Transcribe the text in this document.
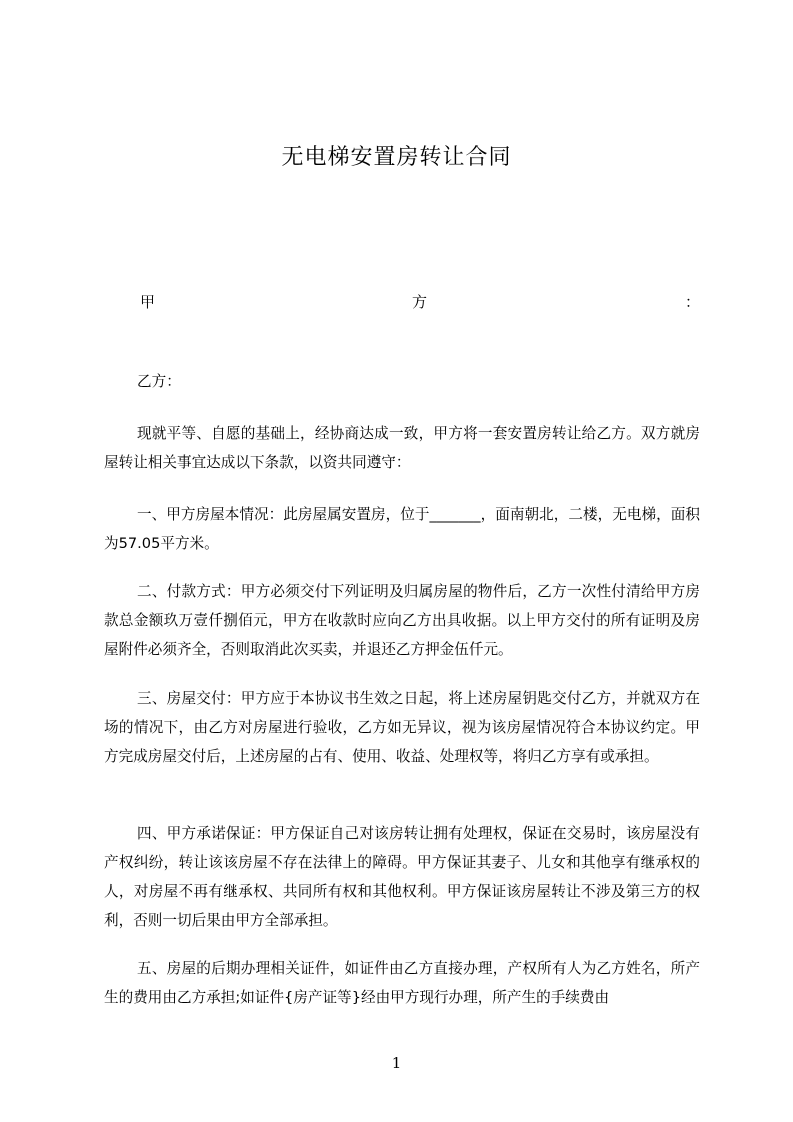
无电梯安置房转让合同
甲	方	：

乙方：

现就平等、自愿的基础上，经协商达成一致，甲方将一套安置房转让给乙方。双方就房屋转让相关事宜达成以下条款，以资共同遵守：

一、甲方房屋本情况：此房屋属安置房，位于_______，面南朝北，二楼，无电梯，面积为57.05平方米。

二、付款方式：甲方必须交付下列证明及归属房屋的物件后，乙方一次性付清给甲方房款总金额玖万壹仟捌佰元，甲方在收款时应向乙方出具收据。以上甲方交付的所有证明及房屋附件必须齐全，否则取消此次买卖，并退还乙方押金伍仟元。

三、房屋交付：甲方应于本协议书生效之日起，将上述房屋钥匙交付乙方，并就双方在场的情况下，由乙方对房屋进行验收，乙方如无异议，视为该房屋情况符合本协议约定。甲方完成房屋交付后，上述房屋的占有、使用、收益、处理权等，将归乙方享有或承担。

四、甲方承诺保证：甲方保证自己对该房转让拥有处理权，保证在交易时，该房屋没有产权纠纷，转让该该房屋不存在法律上的障碍。甲方保证其妻子、儿女和其他享有继承权的人，对房屋不再有继承权、共同所有权和其他权利。甲方保证该房屋转让不涉及第三方的权利，否则一切后果由甲方全部承担。

五、房屋的后期办理相关证件，如证件由乙方直接办理，产权所有人为乙方姓名，所产生的费用由乙方承担;如证件{房产证等}经由甲方现行办理，所产生的手续费由

1
